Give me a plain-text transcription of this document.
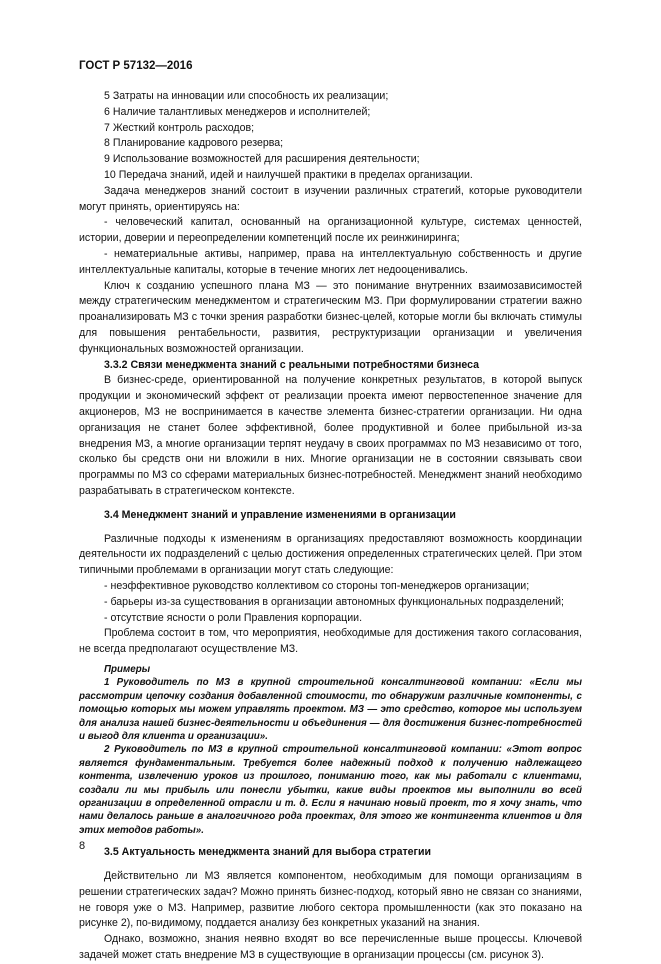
ГОСТ Р 57132—2016

5 Затраты на инновации или способность их реализации;

6 Наличие талантливых менеджеров и исполнителей;

7 Жесткий контроль расходов;

8 Планирование кадрового резерва;

9 Использование возможностей для расширения деятельности;

10 Передача знаний, идей и наилучшей практики в пределах организации.

Задача менеджеров знаний состоит в изучении различных стратегий, которые руководители могут принять, ориентируясь на:

- человеческий капитал, основанный на организационной культуре, системах ценностей, истории, доверии и переопределении компетенций после их реинжиниринга;

- нематериальные активы, например, права на интеллектуальную собственность и другие интеллектуальные капиталы, которые в течение многих лет недооценивались.

Ключ к созданию успешного плана МЗ — это понимание внутренних взаимозависимостей между стратегическим менеджментом и стратегическим МЗ. При формулировании стратегии важно проанализировать МЗ с точки зрения разработки бизнес-целей, которые могли бы включать стимулы для повышения рентабельности, развития, реструктуризации организации и увеличения функциональных возможностей организации.

3.3.2 Связи менеджмента знаний с реальными потребностями бизнеса

В бизнес-среде, ориентированной на получение конкретных результатов, в которой выпуск продукции и экономический эффект от реализации проекта имеют первостепенное значение для акционеров, МЗ не воспринимается в качестве элемента бизнес-стратегии организации. Ни одна организация не станет более эффективной, более продуктивной и более прибыльной из-за внедрения МЗ, а многие организации терпят неудачу в своих программах по МЗ независимо от того, сколько бы средств они ни вложили в них. Многие организации не в состоянии связывать свои программы по МЗ со сферами материальных бизнес-потребностей. Менеджмент знаний необходимо разрабатывать в стратегическом контексте.

3.4 Менеджмент знаний и управление изменениями в организации

Различные подходы к изменениям в организациях предоставляют возможность координации деятельности их подразделений с целью достижения определенных стратегических целей. При этом типичными проблемами в организации могут стать следующие:

- неэффективное руководство коллективом со стороны топ-менеджеров организации;

- барьеры из-за существования в организации автономных функциональных подразделений;

- отсутствие ясности о роли Правления корпорации.

Проблема состоит в том, что мероприятия, необходимые для достижения такого согласования, не всегда предполагают осуществление МЗ.

Примеры

1 Руководитель по МЗ в крупной строительной консалтинговой компании: «Если мы рассмотрим цепочку создания добавленной стоимости, то обнаружим различные компоненты, с помощью которых мы можем управлять проектом. МЗ — это средство, которое мы используем для анализа нашей бизнес-деятельности и объединения — для достижения бизнес-потребностей и выгод для клиента и организации».

2 Руководитель по МЗ в крупной строительной консалтинговой компании: «Этот вопрос является фундаментальным. Требуется более надежный подход к получению надлежащего контента, извлечению уроков из прошлого, пониманию того, как мы работали с клиентами, создали ли мы прибыль или понесли убытки, какие виды проектов мы выполнили во всей организации в определенной отрасли и т. д. Если я начинаю новый проект, то я хочу знать, что нами делалось раньше в аналогичного рода проектах, для этого же контингента клиентов и для этих методов работы».

3.5 Актуальность менеджмента знаний для выбора стратегии

Действительно ли МЗ является компонентом, необходимым для помощи организациям в решении стратегических задач? Можно принять бизнес-подход, который явно не связан со знаниями, не говоря уже о МЗ. Например, развитие любого сектора промышленности (как это показано на рисунке 2), по-видимому, поддается анализу без конкретных указаний на знания.

Однако, возможно, знания неявно входят во все перечисленные выше процессы. Ключевой задачей может стать внедрение МЗ в существующие в организации процессы (см. рисунок 3).

8
